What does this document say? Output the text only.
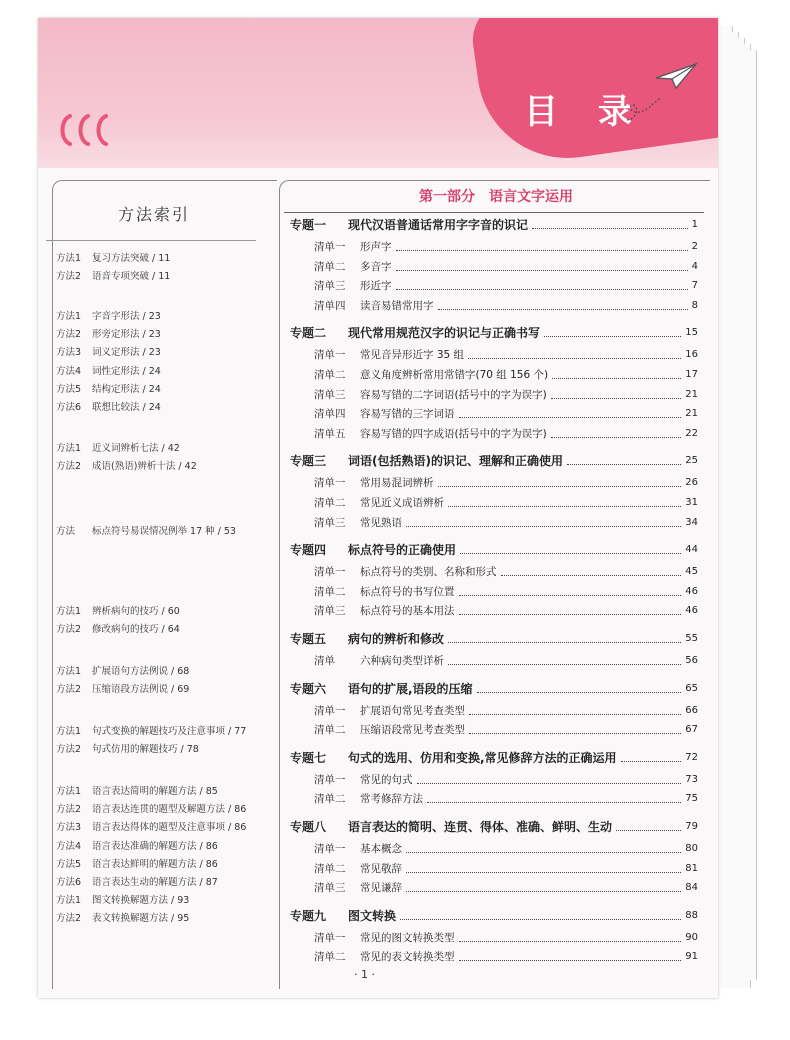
目 录
方法索引
方法1 复习方法突破 / 11
方法2 语音专项突破 / 11
方法1 字音字形法 / 23
方法2 形旁定形法 / 23
方法3 词义定形法 / 23
方法4 词性定形法 / 24
方法5 结构定形法 / 24
方法6 联想比较法 / 24
方法1 近义词辨析七法 / 42
方法2 成语(熟语)辨析十法 / 42
方法 标点符号易误情况例举 17 种 / 53
方法1 辨析病句的技巧 / 60
方法2 修改病句的技巧 / 64
方法1 扩展语句方法例说 / 68
方法2 压缩语段方法例说 / 69
方法1 句式变换的解题技巧及注意事项 / 77
方法2 句式仿用的解题技巧 / 78
方法1 语言表达简明的解题方法 / 85
方法2 语言表达连贯的题型及解题方法 / 86
方法3 语言表达得体的题型及注意事项 / 86
方法4 语言表达准确的解题方法 / 86
方法5 语言表达鲜明的解题方法 / 86
方法6 语言表达生动的解题方法 / 87
方法1 图文转换解题方法 / 93
方法2 表文转换解题方法 / 95
第一部分　语言文字运用
专题一 现代汉语普通话常用字字音的识记	1
清单一 形声字	2
清单二 多音字	4
清单三 形近字	7
清单四 读音易错常用字	8
专题二 现代常用规范汉字的识记与正确书写	15
清单一 常见音异形近字 35 组	16
清单二 意义角度辨析常用常错字(70 组 156 个)	17
清单三 容易写错的二字词语(括号中的字为误字)	21
清单四 容易写错的三字词语	21
清单五 容易写错的四字成语(括号中的字为误字)	22
专题三 词语(包括熟语)的识记、理解和正确使用	25
清单一 常用易混词辨析	26
清单二 常见近义成语辨析	31
清单三 常见熟语	34
专题四 标点符号的正确使用	44
清单一 标点符号的类别、名称和形式	45
清单二 标点符号的书写位置	46
清单三 标点符号的基本用法	46
专题五 病句的辨析和修改	55
清单 六种病句类型详析	56
专题六 语句的扩展,语段的压缩	65
清单一 扩展语句常见考查类型	66
清单二 压缩语段常见考查类型	67
专题七 句式的选用、仿用和变换,常见修辞方法的正确运用	72
清单一 常见的句式	73
清单二 常考修辞方法	75
专题八 语言表达的简明、连贯、得体、准确、鲜明、生动	79
清单一 基本概念	80
清单二 常见敬辞	81
清单三 常见谦辞	84
专题九 图文转换	88
清单一 常见的图文转换类型	90
清单二 常见的表文转换类型	91
· 1 ·
